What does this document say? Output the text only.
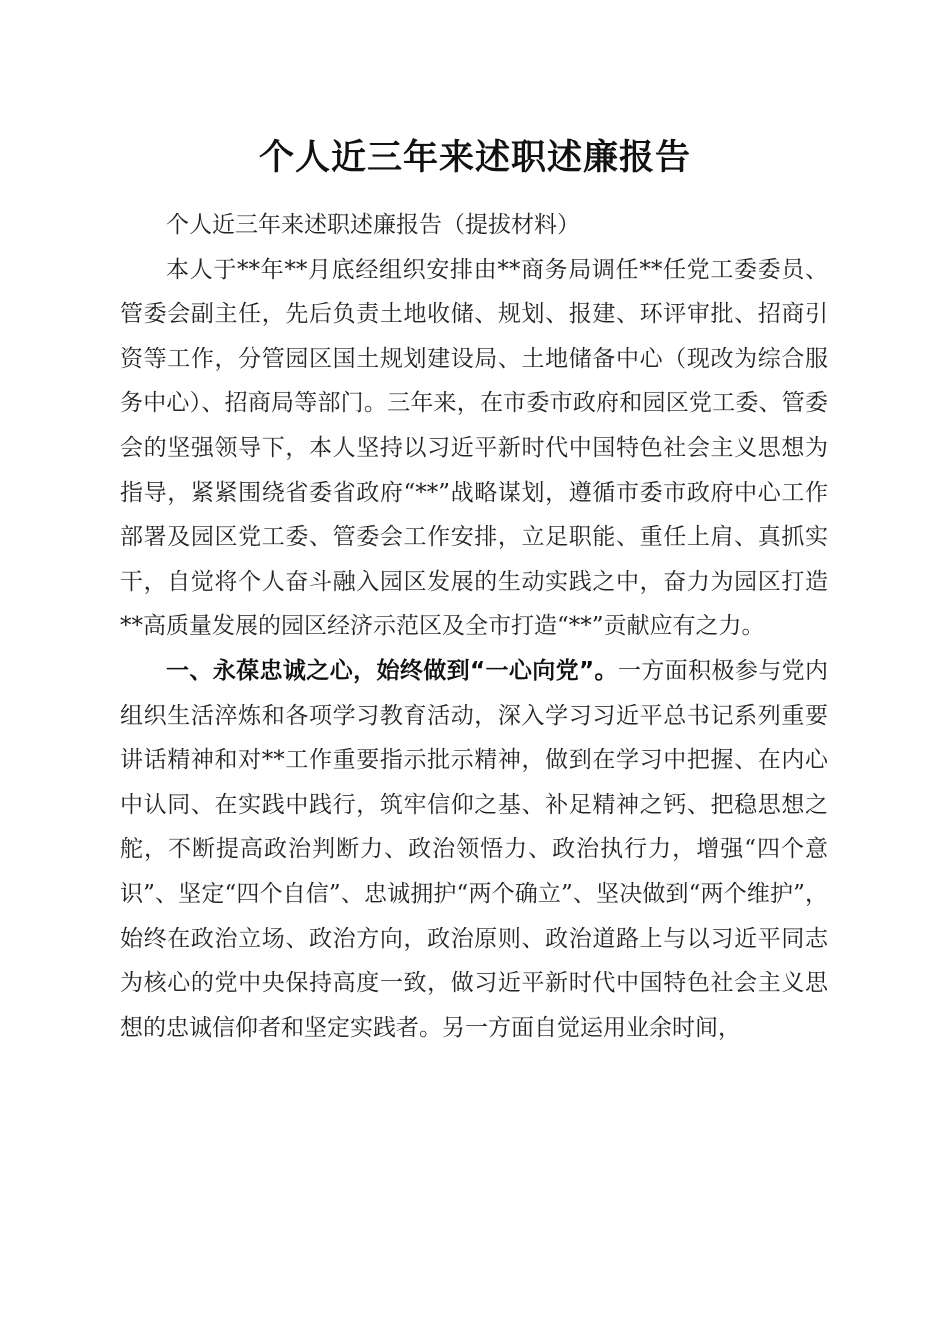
个人近三年来述职述廉报告

个人近三年来述职述廉报告（提拔材料）

本人于**年**月底经组织安排由**商务局调任**任党工委委员、管委会副主任，先后负责土地收储、规划、报建、环评审批、招商引资等工作，分管园区国土规划建设局、土地储备中心（现改为综合服务中心）、招商局等部门。三年来，在市委市政府和园区党工委、管委会的坚强领导下，本人坚持以习近平新时代中国特色社会主义思想为指导，紧紧围绕省委省政府“**”战略谋划，遵循市委市政府中心工作部署及园区党工委、管委会工作安排，立足职能、重任上肩、真抓实干，自觉将个人奋斗融入园区发展的生动实践之中，奋力为园区打造**高质量发展的园区经济示范区及全市打造“**”贡献应有之力。

一、永葆忠诚之心，始终做到“一心向党”。一方面积极参与党内组织生活淬炼和各项学习教育活动，深入学习习近平总书记系列重要讲话精神和对**工作重要指示批示精神，做到在学习中把握、在内心中认同、在实践中践行，筑牢信仰之基、补足精神之钙、把稳思想之舵，不断提高政治判断力、政治领悟力、政治执行力，增强“四个意识”、坚定“四个自信”、忠诚拥护“两个确立”、坚决做到“两个维护”，始终在政治立场、政治方向，政治原则、政治道路上与以习近平同志为核心的党中央保持高度一致，做习近平新时代中国特色社会主义思想的忠诚信仰者和坚定实践者。另一方面自觉运用业余时间，
